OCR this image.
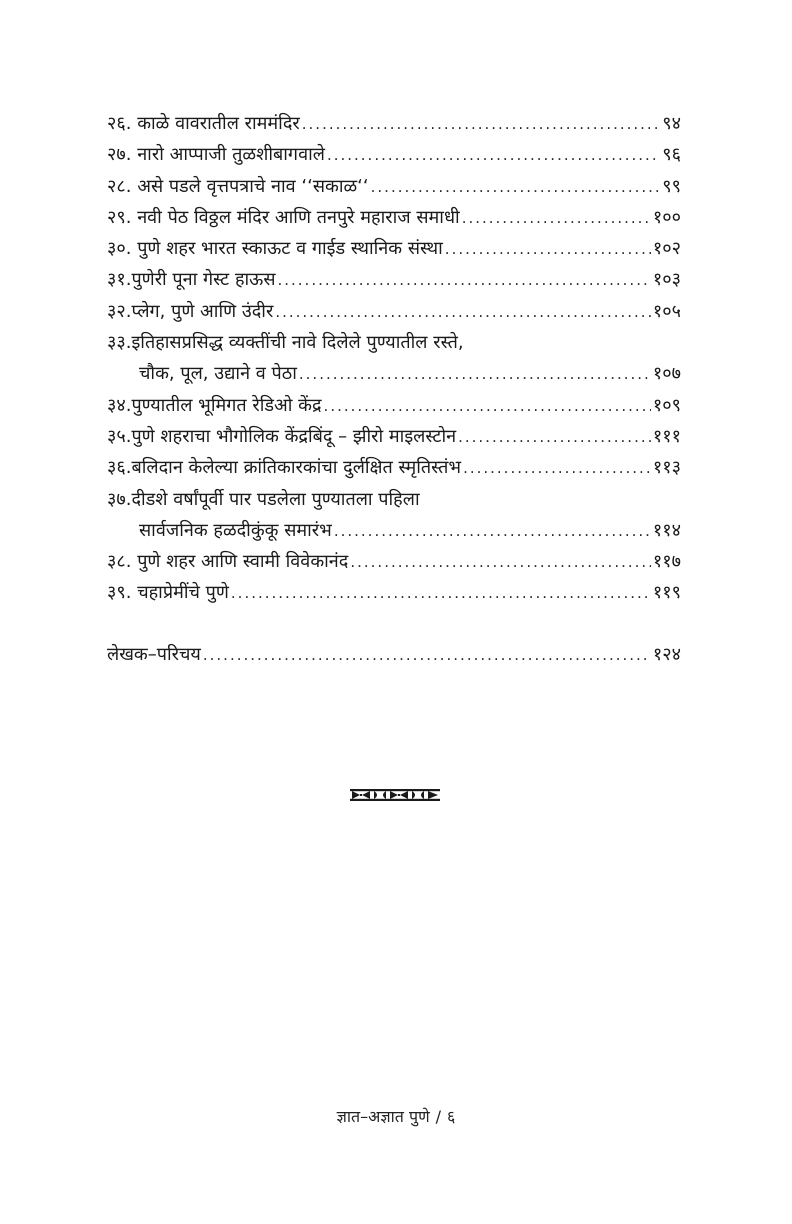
२६. काळे वावरातील राममंदिर .....	९४
२७. नारो आप्पाजी तुळशीबागवाले .....	९६
२८. असे पडले वृत्तपत्राचे नाव ‘‘सकाळ‘‘ .....	९९
२९. नवी पेठ विठ्ठल मंदिर आणि तनपुरे महाराज समाधी .....	१००
३०. पुणे शहर भारत स्काऊट व गाईड स्थानिक संस्था .....	१०२
३१.पुणेरी पूना गेस्ट हाऊस .....	१०३
३२.प्लेग, पुणे आणि उंदीर .....	१०५
३३.इतिहासप्रसिद्ध व्यक्तींची नावे दिलेले पुण्यातील रस्ते,
चौक, पूल, उद्याने व पेठा .....	१०७
३४.पुण्यातील भूमिगत रेडिओ केंद्र .....	१०९
३५.पुणे शहराचा भौगोलिक केंद्रबिंदू – झीरो माइलस्टोन .....	१११
३६.बलिदान केलेल्या क्रांतिकारकांचा दुर्लक्षित स्मृतिस्तंभ .....	११३
३७.दीडशे वर्षांपूर्वी पार पडलेला पुण्यातला पहिला
सार्वजनिक हळदीकुंकू समारंभ .....	११४
३८. पुणे शहर आणि स्वामी विवेकानंद .....	११७
३९. चहाप्रेमींचे पुणे .....	११९
लेखक–परिचय .....	१२४
ज्ञात–अज्ञात पुणे / ६
